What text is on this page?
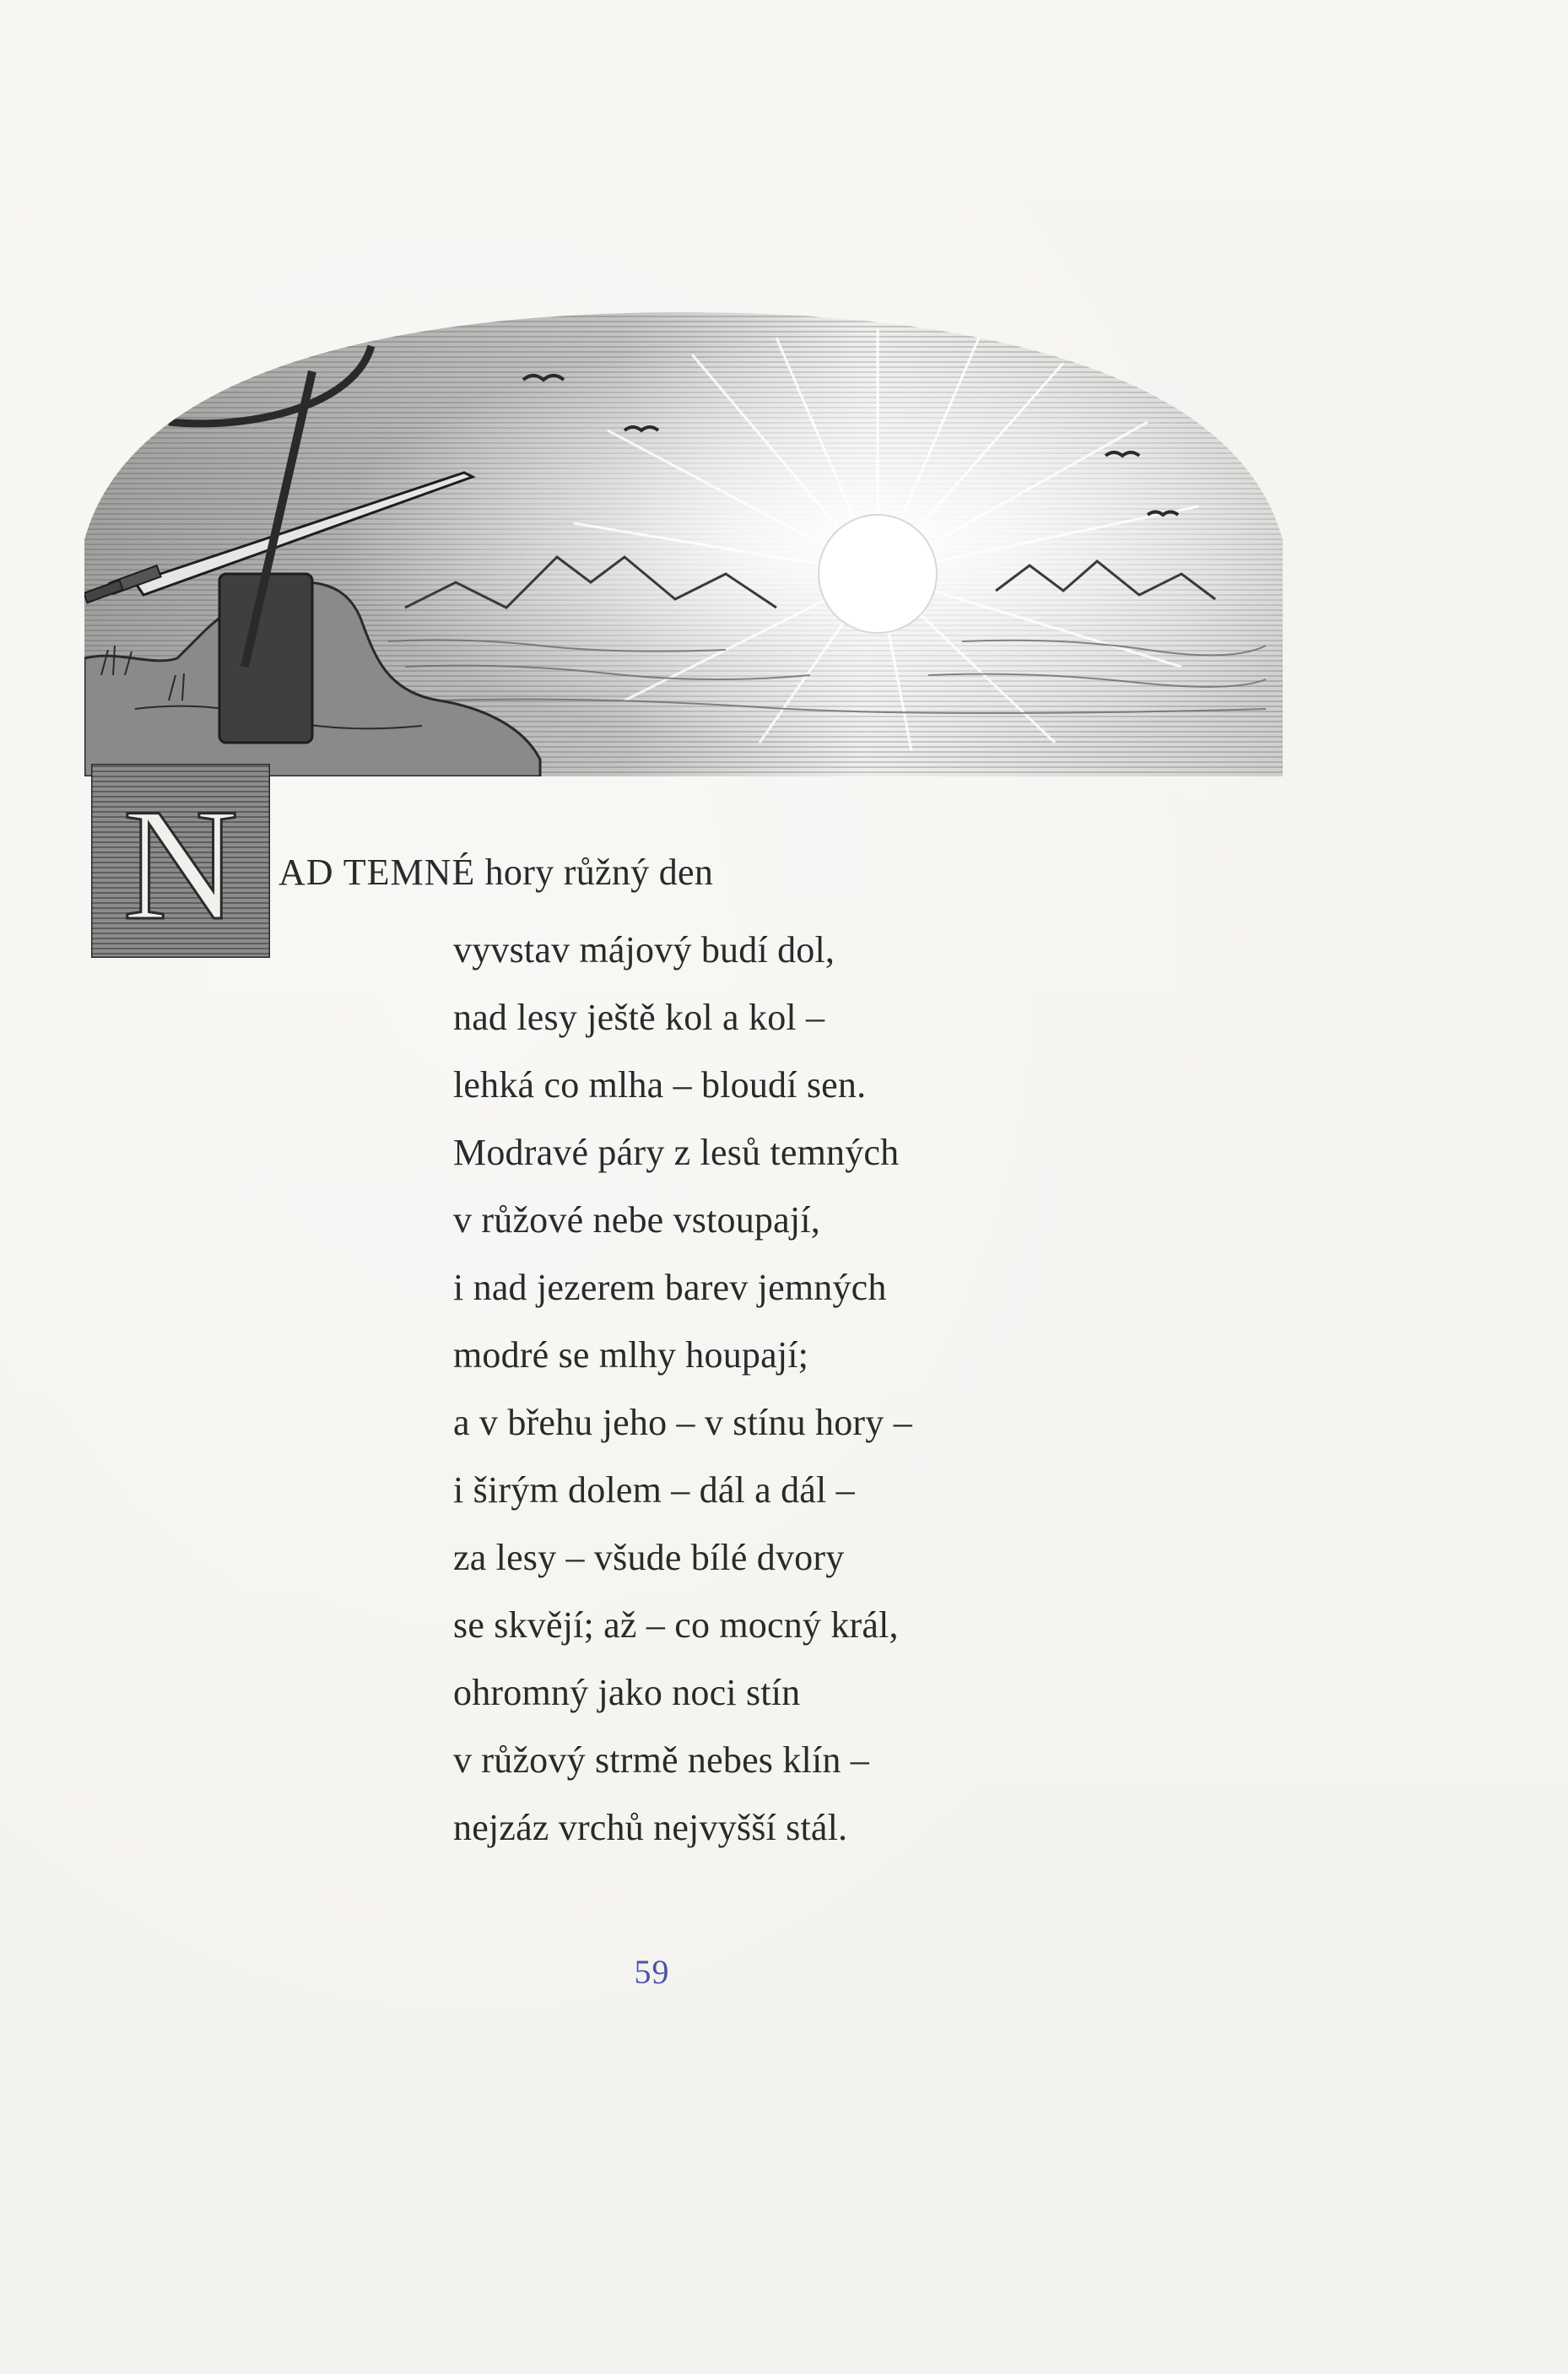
N	AD TEMNÉ hory růžný den
vyvstav májový budí dol,
nad lesy ještě kol a kol –
lehká co mlha – bloudí sen.
Modravé páry z lesů temných
v růžové nebe vstoupají,
i nad jezerem barev jemných
modré se mlhy houpají;
a v břehu jeho – v stínu hory –
i širým dolem – dál a dál –
za lesy – všude bílé dvory
se skvějí; až – co mocný král,
ohromný jako noci stín
v růžový strmě nebes klín –
nejzáz vrchů nejvyšší stál.
59
